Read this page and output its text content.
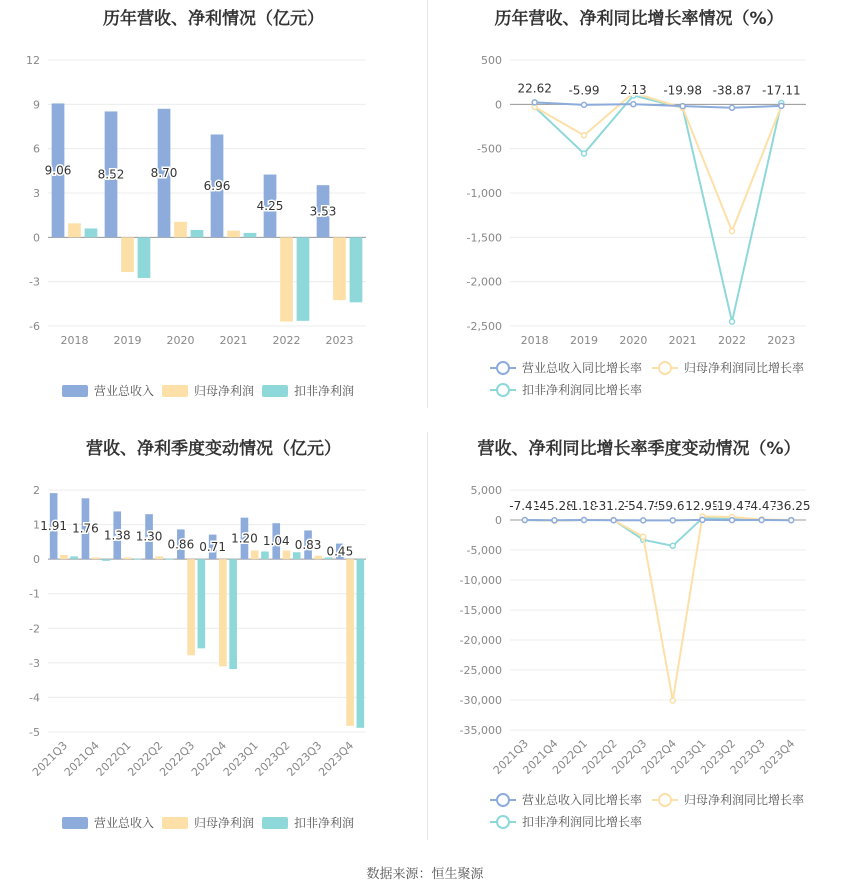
历年营收、净利情况（亿元）
-6
-3
0
3
6
9
12
2018 2019 2020 2021 2022 2023
9.06 8.52 8.70
6.96
4.25 3.53
营业总收入	归母净利润	扣非净利润
历年营收、净利同比增长率情况（%）
-2,500
-2,000
-1,500
-1,000
-500
0
500
2018 2019 2020 2021 2022 2023
22.62 -5.99 2.13 -19.98 -38.87 -17.11
营业总收入同比增长率	归母净利润同比增长率
扣非净利润同比增长率
营收、净利季度变动情况（亿元）
-5
-4
-3
-2
-1
0
1
2
2021Q3
2021Q4
2022Q1
2022Q2
2022Q3
2022Q4
2023Q1
2023Q2
2023Q3
2023Q4
1.91 1.76 1.38 1.30
0.86 0.71
1.20 1.04 0.83 0.45
营业总收入	归母净利润	扣非净利润
营收、净利同比增长率季度变动情况（%）
-35,000
-30,000
-25,000
-20,000
-15,000
-10,000
-5,000
0
5,000
2021Q3
2021Q4
2022Q1
2022Q2
2022Q3
2022Q4
2023Q1
2023Q2
2023Q3
2023Q4
-7.41
-45.28
1.18
-31.27
-54.79
-59.67
12.95
-19.47
-4.47
-36.25
营业总收入同比增长率	归母净利润同比增长率
扣非净利润同比增长率
数据来源：恒生聚源
